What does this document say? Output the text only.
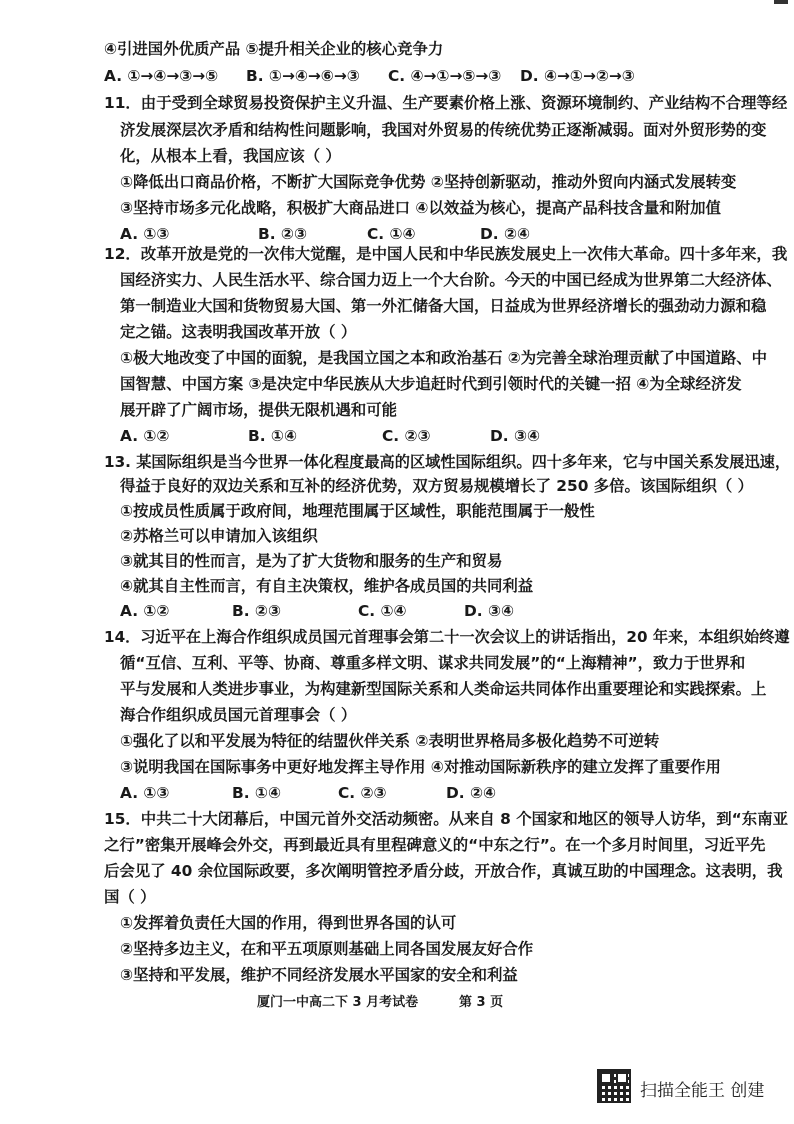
④引进国外优质产品 ⑤提升相关企业的核心竞争力
A. ①→④→③→⑤ B. ①→④→⑥→③ C. ④→①→⑤→③ D. ④→①→②→③
11．由于受到全球贸易投资保护主义升温、生产要素价格上涨、资源环境制约、产业结构不合理等经
济发展深层次矛盾和结构性问题影响，我国对外贸易的传统优势正逐渐减弱。面对外贸形势的变
化，从根本上看，我国应该（ ）
①降低出口商品价格，不断扩大国际竞争优势 ②坚持创新驱动，推动外贸向内涵式发展转变
③坚持市场多元化战略，积极扩大商品进口 ④以效益为核心，提高产品科技含量和附加值
A. ①③	B. ②③	C. ①④	D. ②④
12．改革开放是党的一次伟大觉醒，是中国人民和中华民族发展史上一次伟大革命。四十多年来，我
国经济实力、人民生活水平、综合国力迈上一个大台阶。今天的中国已经成为世界第二大经济体、
第一制造业大国和货物贸易大国、第一外汇储备大国，日益成为世界经济增长的强劲动力源和稳
定之锚。这表明我国改革开放（ ）
①极大地改变了中国的面貌，是我国立国之本和政治基石 ②为完善全球治理贡献了中国道路、中
国智慧、中国方案 ③是决定中华民族从大步追赶时代到引领时代的关键一招 ④为全球经济发
展开辟了广阔市场，提供无限机遇和可能
A. ①②	B. ①④	C. ②③	D. ③④
13. 某国际组织是当今世界一体化程度最高的区域性国际组织。四十多年来，它与中国关系发展迅速，
得益于良好的双边关系和互补的经济优势，双方贸易规模增长了 250 多倍。该国际组织（ ）
①按成员性质属于政府间，地理范围属于区域性，职能范围属于一般性
②苏格兰可以申请加入该组织
③就其目的性而言，是为了扩大货物和服务的生产和贸易
④就其自主性而言，有自主决策权，维护各成员国的共同利益
A. ①②	B. ②③	C. ①④	D. ③④
14．习近平在上海合作组织成员国元首理事会第二十一次会议上的讲话指出，20 年来，本组织始终遵
循“互信、互利、平等、协商、尊重多样文明、谋求共同发展”的“上海精神”，致力于世界和
平与发展和人类进步事业，为构建新型国际关系和人类命运共同体作出重要理论和实践探索。上
海合作组织成员国元首理事会（ ）
①强化了以和平发展为特征的结盟伙伴关系 ②表明世界格局多极化趋势不可逆转
③说明我国在国际事务中更好地发挥主导作用 ④对推动国际新秩序的建立发挥了重要作用
A. ①③	B. ①④	C. ②③	D. ②④
15．中共二十大闭幕后，中国元首外交活动频密。从来自 8 个国家和地区的领导人访华，到“东南亚
之行”密集开展峰会外交，再到最近具有里程碑意义的“中东之行”。在一个多月时间里，习近平先
后会见了 40 余位国际政要，多次阐明管控矛盾分歧，开放合作，真诚互助的中国理念。这表明，我
国（ ）
①发挥着负责任大国的作用，得到世界各国的认可
②坚持多边主义，在和平五项原则基础上同各国发展友好合作
③坚持和平发展，维护不同经济发展水平国家的安全和利益
厦门一中高二下 3 月考试卷	第 3 页
扫描全能王 创建
